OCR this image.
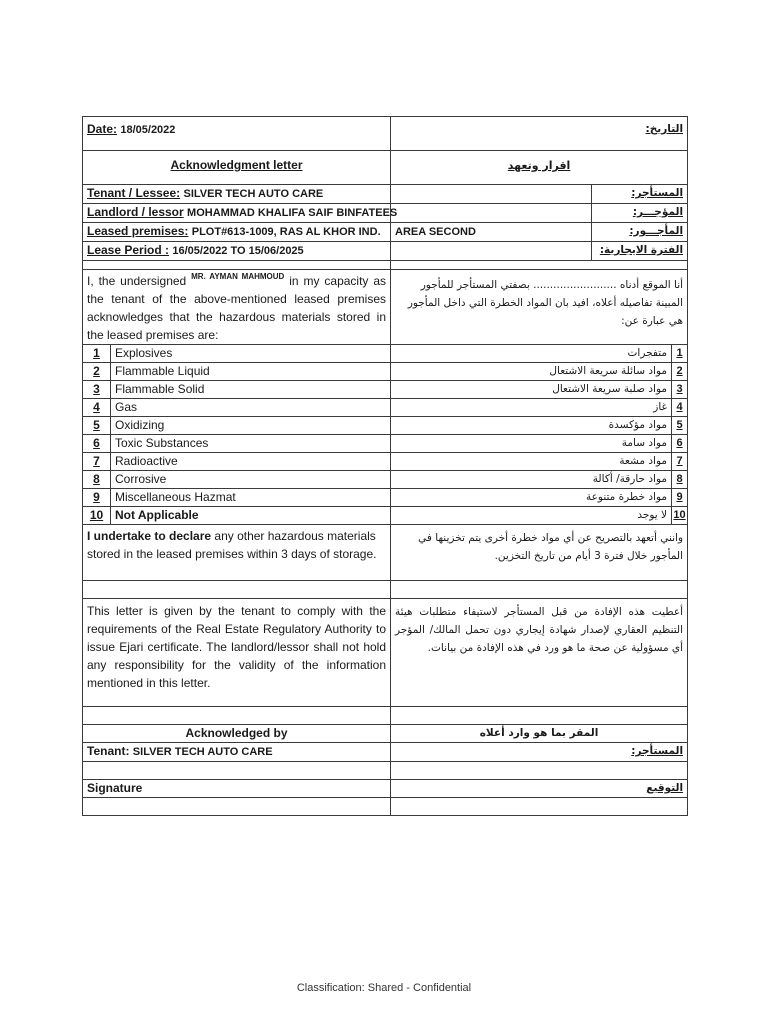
Date: 18/05/2022		التاريخ:		
Acknowledgment letter		اقرار وتعهد		
Tenant / Lessee: SILVER TECH AUTO CARE			المستأجر:	
Landlord / lessor MOHAMMAD KHALIFA SAIF BINFATEES			المؤجـــر:	
Leased premises: PLOT#613-1009, RAS AL KHOR IND.		AREA SECOND	المأجـــور:	
Lease Period : 16/05/2022 TO 15/06/2025			الفترة الايجارية:	

I, the undersigned $^{MR. AYMAN MAHMOUD}$ in my capacity as the tenant of the above-mentioned leased premises acknowledges that the hazardous materials stored in the leased premises are:		أنا الموقع أدناه ......................... بصفتي المستأجر للمأجور المبينة تفاصيله أعلاه، افيد بان المواد الخطرة التي داخل المأجور هي عبارة عن:		
1	Explosives	متفجرات		1
2	Flammable Liquid	مواد سائلة سريعة الاشتعال		2
3	Flammable Solid	مواد صلبة سريعة الاشتعال		3
4	Gas	غاز		4
5	Oxidizing	مواد مؤكسدة		5
6	Toxic Substances	مواد سامة		6
7	Radioactive	مواد مشعة		7
8	Corrosive	مواد حارقة/ أكالة		8
9	Miscellaneous Hazmat	مواد خطرة متنوعة		9
10	Not Applicable	لا يوجد		10
I undertake to declare any other hazardous materials stored in the leased premises within 3 days of storage.		وانني أتعهد بالتصريح عن أي مواد خطرة أخرى يتم تخزينها في المأجور خلال فترة 3 أيام من تاريخ التخزين.		

This letter is given by the tenant to comply with the requirements of the Real Estate Regulatory Authority to issue Ejari certificate. The landlord/lessor shall not hold any responsibility for the validity of the information mentioned in this letter.		أعطيت هذه الإفادة من قبل المستأجر لاستيفاء متطلبات هيئة التنظيم العقاري لإصدار شهادة إيجاري دون تحمل المالك/ المؤجر أي مسؤولية عن صحة ما هو ورد في هذه الإفادة من بيانات.		

Acknowledged by		المقر بما هو وارد أعلاه		
Tenant: SILVER TECH AUTO CARE		المستأجر:		

Signature		التوقيع		

Classification: Shared - Confidential
